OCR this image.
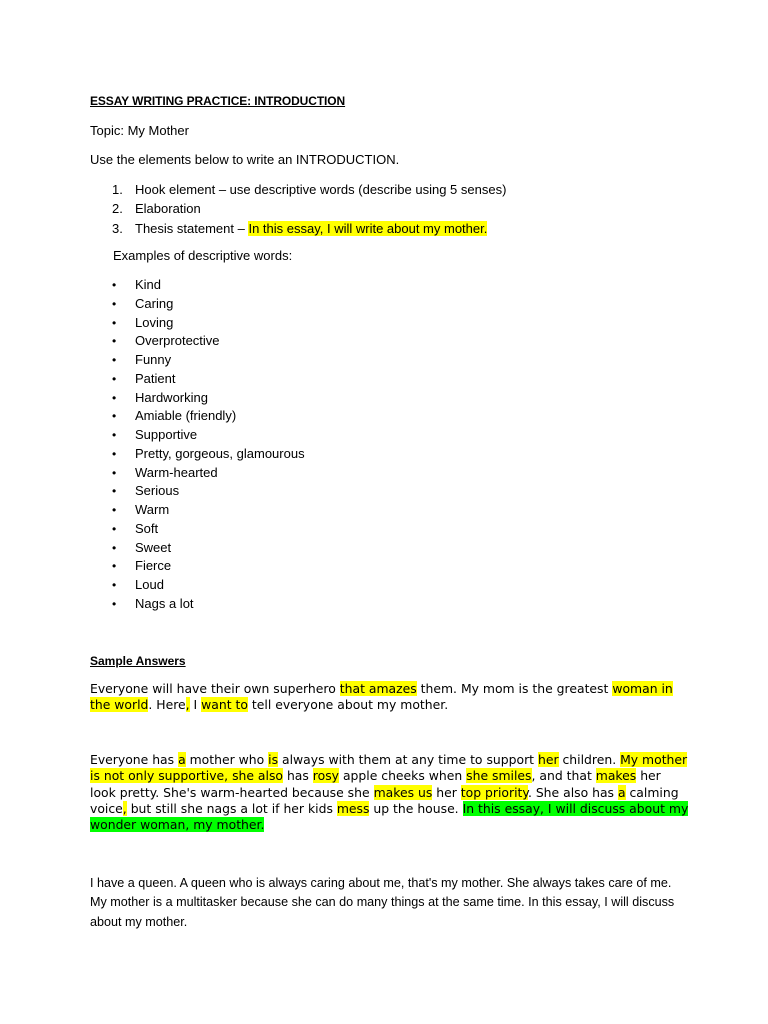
ESSAY WRITING PRACTICE: INTRODUCTION
Topic: My Mother
Use the elements below to write an INTRODUCTION.
1. Hook element – use descriptive words (describe using 5 senses)
2. Elaboration
3. Thesis statement – In this essay, I will write about my mother.
Examples of descriptive words:
• Kind
• Caring
• Loving
• Overprotective
• Funny
• Patient
• Hardworking
• Amiable (friendly)
• Supportive
• Pretty, gorgeous, glamourous
• Warm-hearted
• Serious
• Warm
• Soft
• Sweet
• Fierce
• Loud
• Nags a lot
Sample Answers
Everyone will have their own superhero that amazes them. My mom is the greatest woman in the world. Here, I want to tell everyone about my mother.
Everyone has a mother who is always with them at any time to support her children. My mother is not only supportive, she also has rosy apple cheeks when she smiles, and that makes her look pretty. She's warm-hearted because she makes us her top priority. She also has a calming voice, but still she nags a lot if her kids mess up the house. In this essay, I will discuss about my wonder woman, my mother.
I have a queen. A queen who is always caring about me, that's my mother. She always takes care of me. My mother is a multitasker because she can do many things at the same time. In this essay, I will discuss about my mother.
